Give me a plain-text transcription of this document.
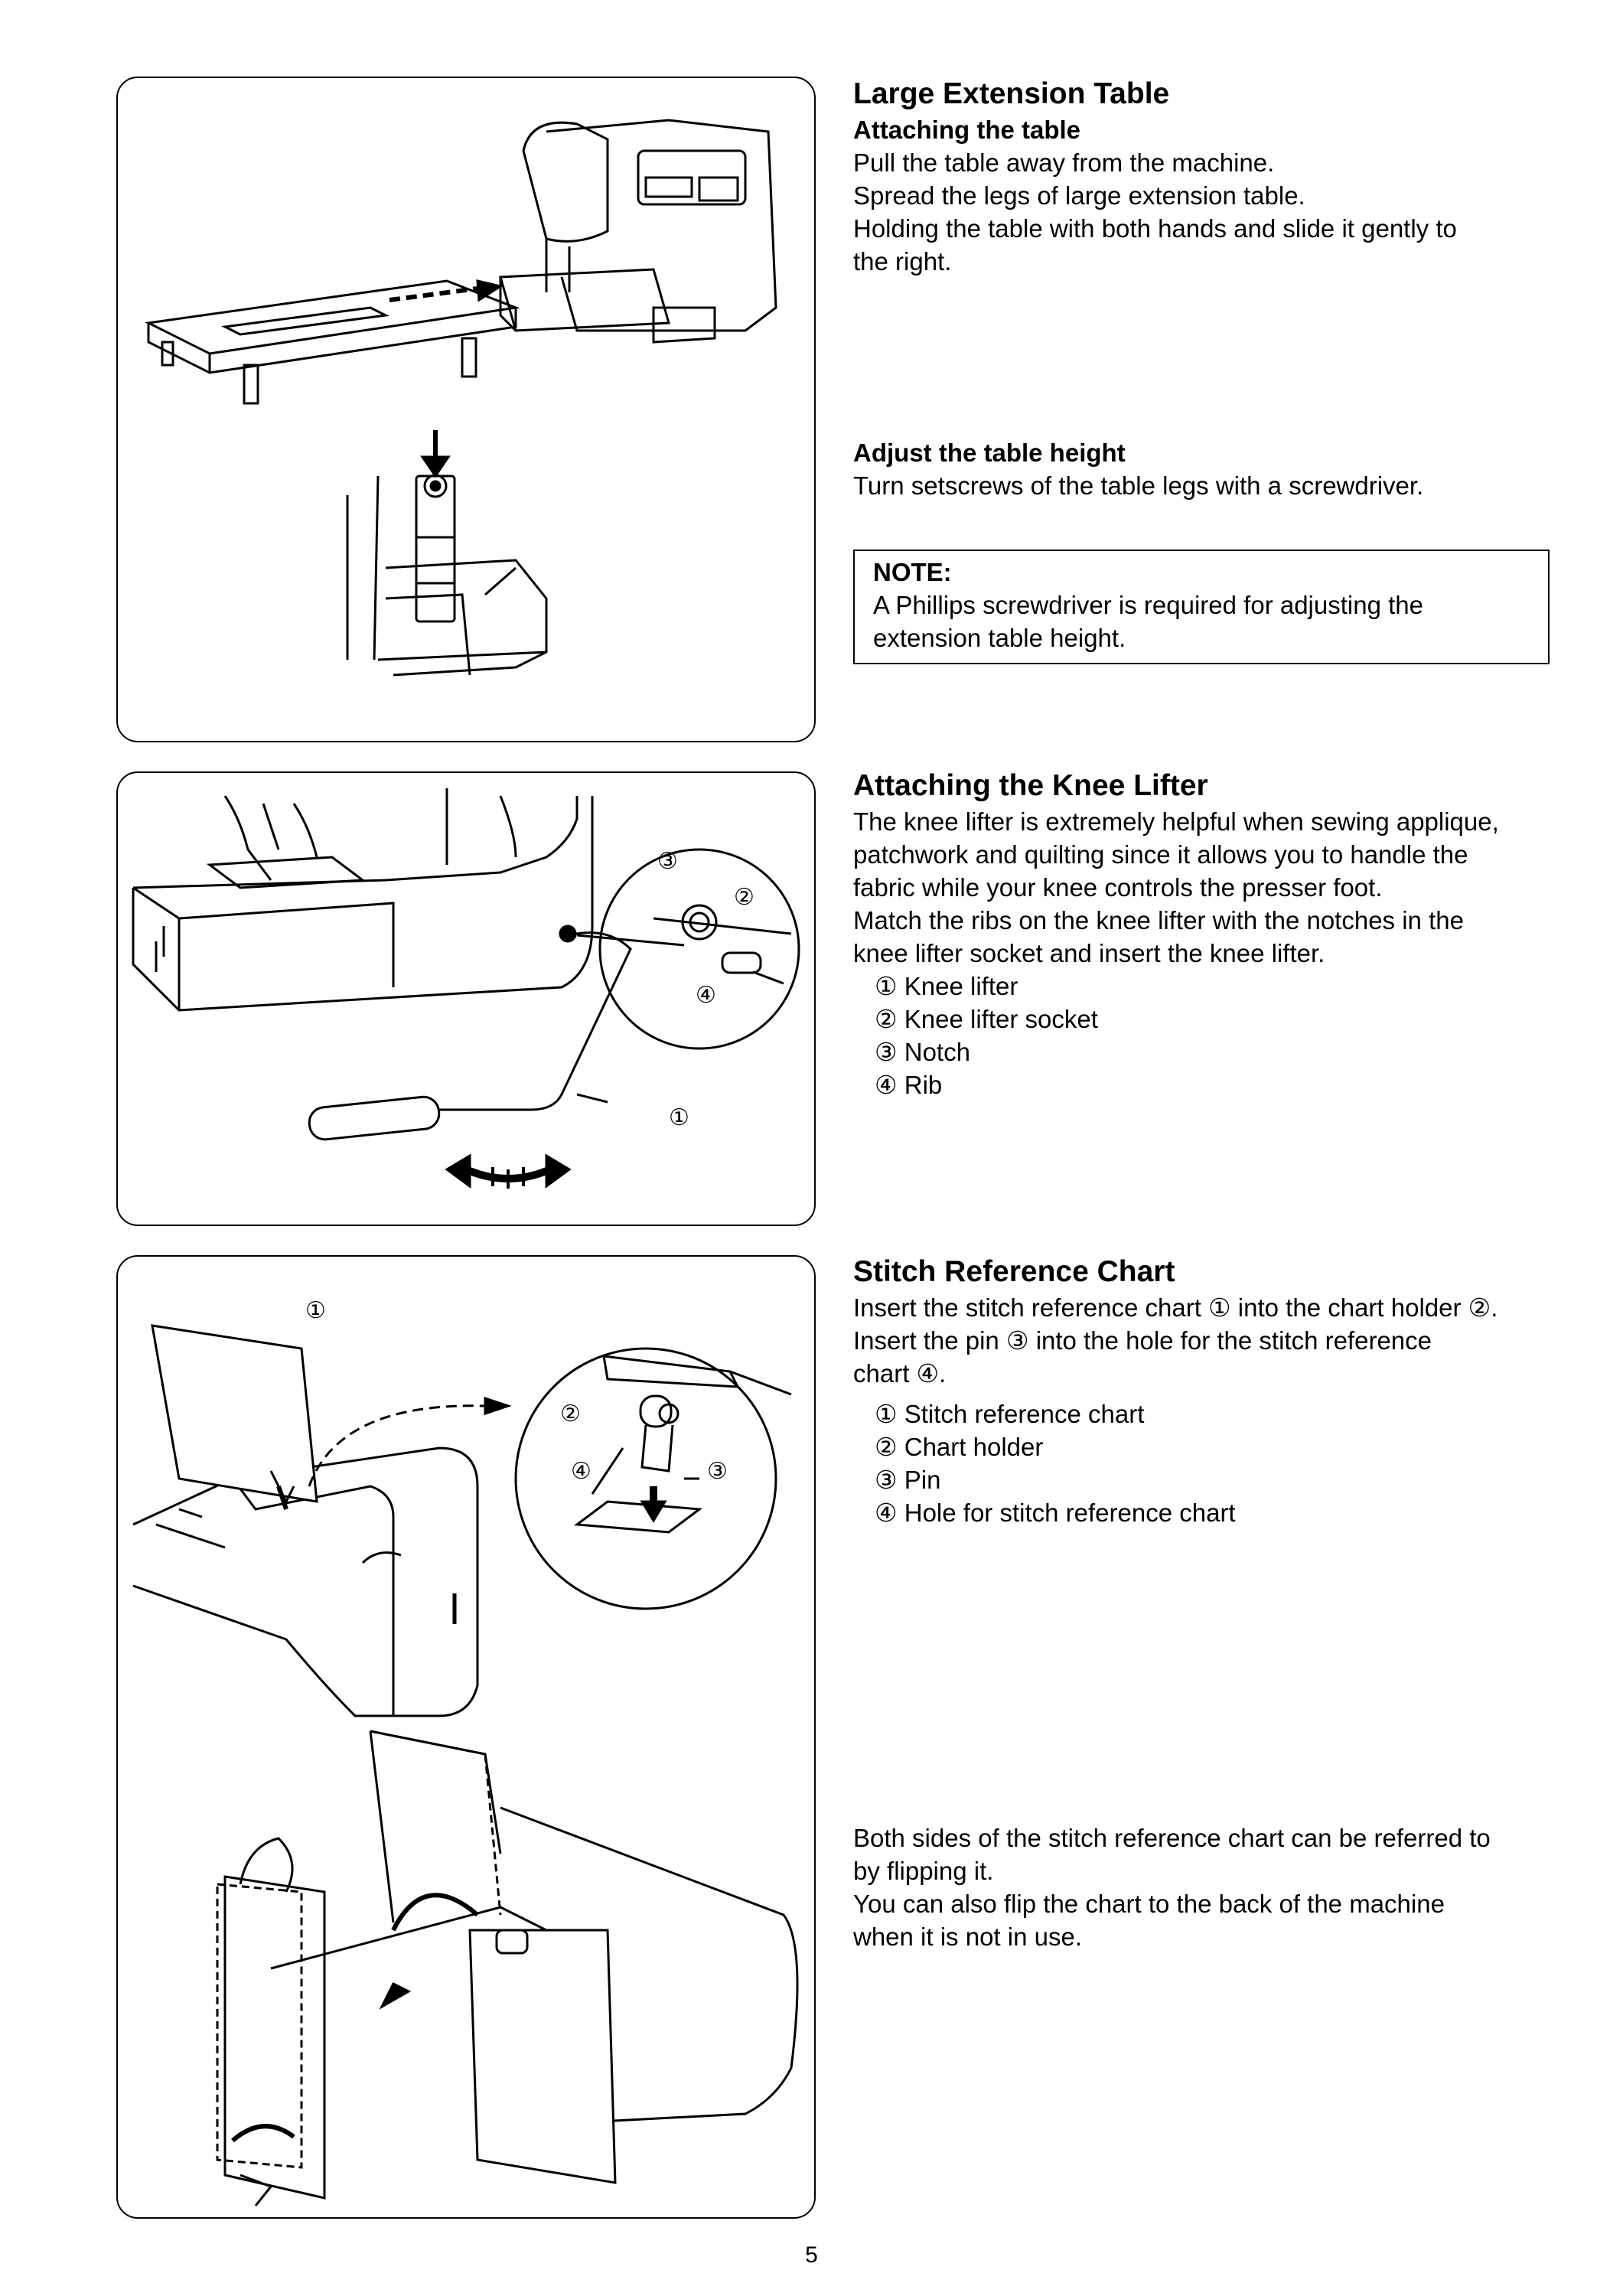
Large Extension Table
Attaching the table
Pull the table away from the machine.
Spread the legs of large extension table.
Holding the table with both hands and slide it gently to
the right.
Adjust the table height
Turn setscrews of the table legs with a screwdriver.
NOTE:
A Phillips screwdriver is required for adjusting the
extension table height.
③
②
④
①
Attaching the Knee Lifter
The knee lifter is extremely helpful when sewing applique,
patchwork and quilting since it allows you to handle the
fabric while your knee controls the presser foot.
Match the ribs on the knee lifter with the notches in the
knee lifter socket and insert the knee lifter.
① Knee lifter
② Knee lifter socket
③ Notch
④ Rib
①
②
③
④
Stitch Reference Chart
Insert the stitch reference chart ① into the chart holder ②.
Insert the pin ③ into the hole for the stitch reference
chart ④.
① Stitch reference chart
② Chart holder
③ Pin
④ Hole for stitch reference chart
Both sides of the stitch reference chart can be referred to
by flipping it.
You can also flip the chart to the back of the machine
when it is not in use.
5
